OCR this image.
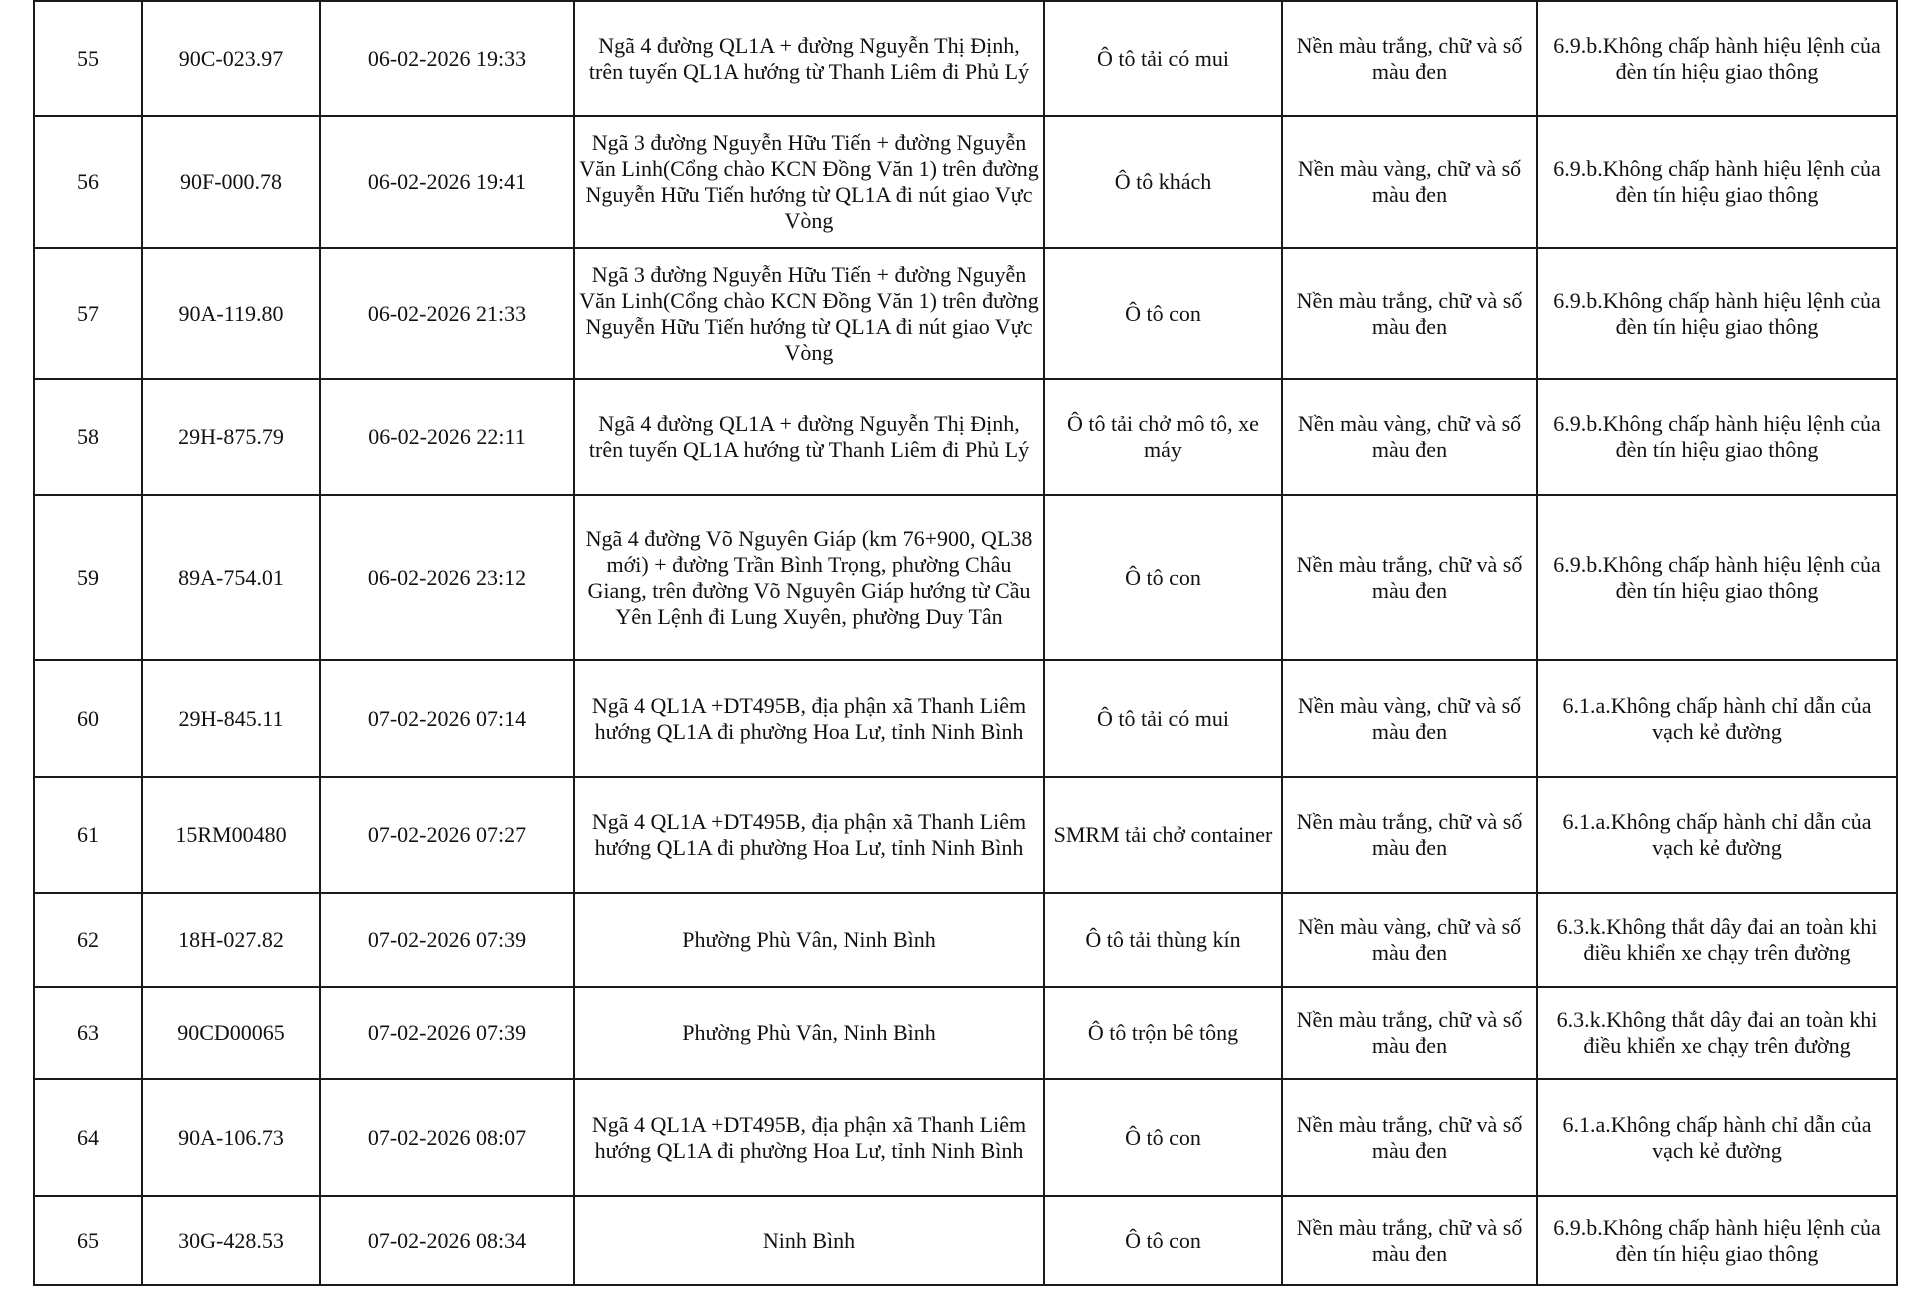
55	90C-023.97	06-02-2026 19:33	Ngã 4 đường QL1A + đường Nguyễn Thị Định, trên tuyến QL1A hướng từ Thanh Liêm đi Phủ Lý	Ô tô tải có mui	Nền màu trắng, chữ và số màu đen	6.9.b.Không chấp hành hiệu lệnh của đèn tín hiệu giao thông
56	90F-000.78	06-02-2026 19:41	Ngã 3 đường Nguyễn Hữu Tiến + đường Nguyễn Văn Linh(Cổng chào KCN Đồng Văn 1) trên đường Nguyễn Hữu Tiến hướng từ QL1A đi nút giao Vực Vòng	Ô tô khách	Nền màu vàng, chữ và số màu đen	6.9.b.Không chấp hành hiệu lệnh của đèn tín hiệu giao thông
57	90A-119.80	06-02-2026 21:33	Ngã 3 đường Nguyễn Hữu Tiến + đường Nguyễn Văn Linh(Cổng chào KCN Đồng Văn 1) trên đường Nguyễn Hữu Tiến hướng từ QL1A đi nút giao Vực Vòng	Ô tô con	Nền màu trắng, chữ và số màu đen	6.9.b.Không chấp hành hiệu lệnh của đèn tín hiệu giao thông
58	29H-875.79	06-02-2026 22:11	Ngã 4 đường QL1A + đường Nguyễn Thị Định, trên tuyến QL1A hướng từ Thanh Liêm đi Phủ Lý	Ô tô tải chở mô tô, xe máy	Nền màu vàng, chữ và số màu đen	6.9.b.Không chấp hành hiệu lệnh của đèn tín hiệu giao thông
59	89A-754.01	06-02-2026 23:12	Ngã 4 đường Võ Nguyên Giáp (km 76+900, QL38 mới) + đường Trần Bình Trọng, phường Châu Giang, trên đường Võ Nguyên Giáp hướng từ Cầu Yên Lệnh đi Lung Xuyên, phường Duy Tân	Ô tô con	Nền màu trắng, chữ và số màu đen	6.9.b.Không chấp hành hiệu lệnh của đèn tín hiệu giao thông
60	29H-845.11	07-02-2026 07:14	Ngã 4 QL1A +DT495B, địa phận xã Thanh Liêm hướng QL1A đi phường Hoa Lư, tỉnh Ninh Bình	Ô tô tải có mui	Nền màu vàng, chữ và số màu đen	6.1.a.Không chấp hành chỉ dẫn của vạch kẻ đường
61	15RM00480	07-02-2026 07:27	Ngã 4 QL1A +DT495B, địa phận xã Thanh Liêm hướng QL1A đi phường Hoa Lư, tỉnh Ninh Bình	SMRM tải chở container	Nền màu trắng, chữ và số màu đen	6.1.a.Không chấp hành chỉ dẫn của vạch kẻ đường
62	18H-027.82	07-02-2026 07:39	Phường Phù Vân, Ninh Bình	Ô tô tải thùng kín	Nền màu vàng, chữ và số màu đen	6.3.k.Không thắt dây đai an toàn khi điều khiển xe chạy trên đường
63	90CD00065	07-02-2026 07:39	Phường Phù Vân, Ninh Bình	Ô tô trộn bê tông	Nền màu trắng, chữ và số màu đen	6.3.k.Không thắt dây đai an toàn khi điều khiển xe chạy trên đường
64	90A-106.73	07-02-2026 08:07	Ngã 4 QL1A +DT495B, địa phận xã Thanh Liêm hướng QL1A đi phường Hoa Lư, tỉnh Ninh Bình	Ô tô con	Nền màu trắng, chữ và số màu đen	6.1.a.Không chấp hành chỉ dẫn của vạch kẻ đường
65	30G-428.53	07-02-2026 08:34	Ninh Bình	Ô tô con	Nền màu trắng, chữ và số màu đen	6.9.b.Không chấp hành hiệu lệnh của đèn tín hiệu giao thông
